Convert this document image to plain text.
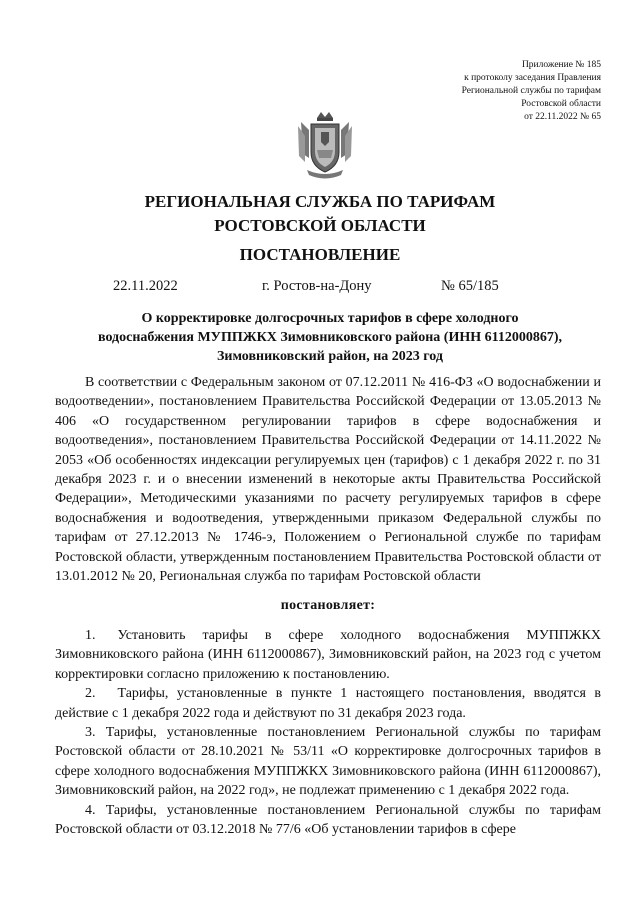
Приложение № 185
к протоколу заседания Правления
Региональной службы по тарифам
Ростовской области
от 22.11.2022 № 65
РЕГИОНАЛЬНАЯ СЛУЖБА ПО ТАРИФАМ
РОСТОВСКОЙ ОБЛАСТИ
ПОСТАНОВЛЕНИЕ
22.11.2022	г. Ростов-на-Дону	№ 65/185
О корректировке долгосрочных тарифов в сфере холодного
водоснабжения МУППЖКХ Зимовниковского района (ИНН 6112000867),
Зимовниковский район, на 2023 год

В соответствии с Федеральным законом от 07.12.2011 № 416-ФЗ «О водоснабжении и водоотведении», постановлением Правительства Российской Федерации от 13.05.2013 № 406 «О государственном регулировании тарифов в сфере водоснабжения и водоотведения», постановлением Правительства Российской Федерации от 14.11.2022 № 2053 «Об особенностях индексации регулируемых цен (тарифов) с 1 декабря 2022 г. по 31 декабря 2023 г. и о внесении изменений в некоторые акты Правительства Российской Федерации», Методическими указаниями по расчету регулируемых тарифов в сфере водоснабжения и водоотведения, утвержденными приказом Федеральной службы по тарифам от 27.12.2013 № 1746-э, Положением о Региональной службе по тарифам Ростовской области, утвержденным постановлением Правительства Ростовской области от 13.01.2012 № 20, Региональная служба по тарифам Ростовской области

постановляет:

1. Установить тарифы в сфере холодного водоснабжения МУППЖКХ Зимовниковского района (ИНН 6112000867), Зимовниковский район, на 2023 год с учетом корректировки согласно приложению к постановлению.

2. Тарифы, установленные в пункте 1 настоящего постановления, вводятся в действие с 1 декабря 2022 года и действуют по 31 декабря 2023 года.

3. Тарифы, установленные постановлением Региональной службы по тарифам Ростовской области от 28.10.2021 № 53/11 «О корректировке долгосрочных тарифов в сфере холодного водоснабжения МУППЖКХ Зимовниковского района (ИНН 6112000867), Зимовниковский район, на 2022 год», не подлежат применению с 1 декабря 2022 года.

4. Тарифы, установленные постановлением Региональной службы по тарифам Ростовской области от 03.12.2018 № 77/6 «Об установлении тарифов в сфере
